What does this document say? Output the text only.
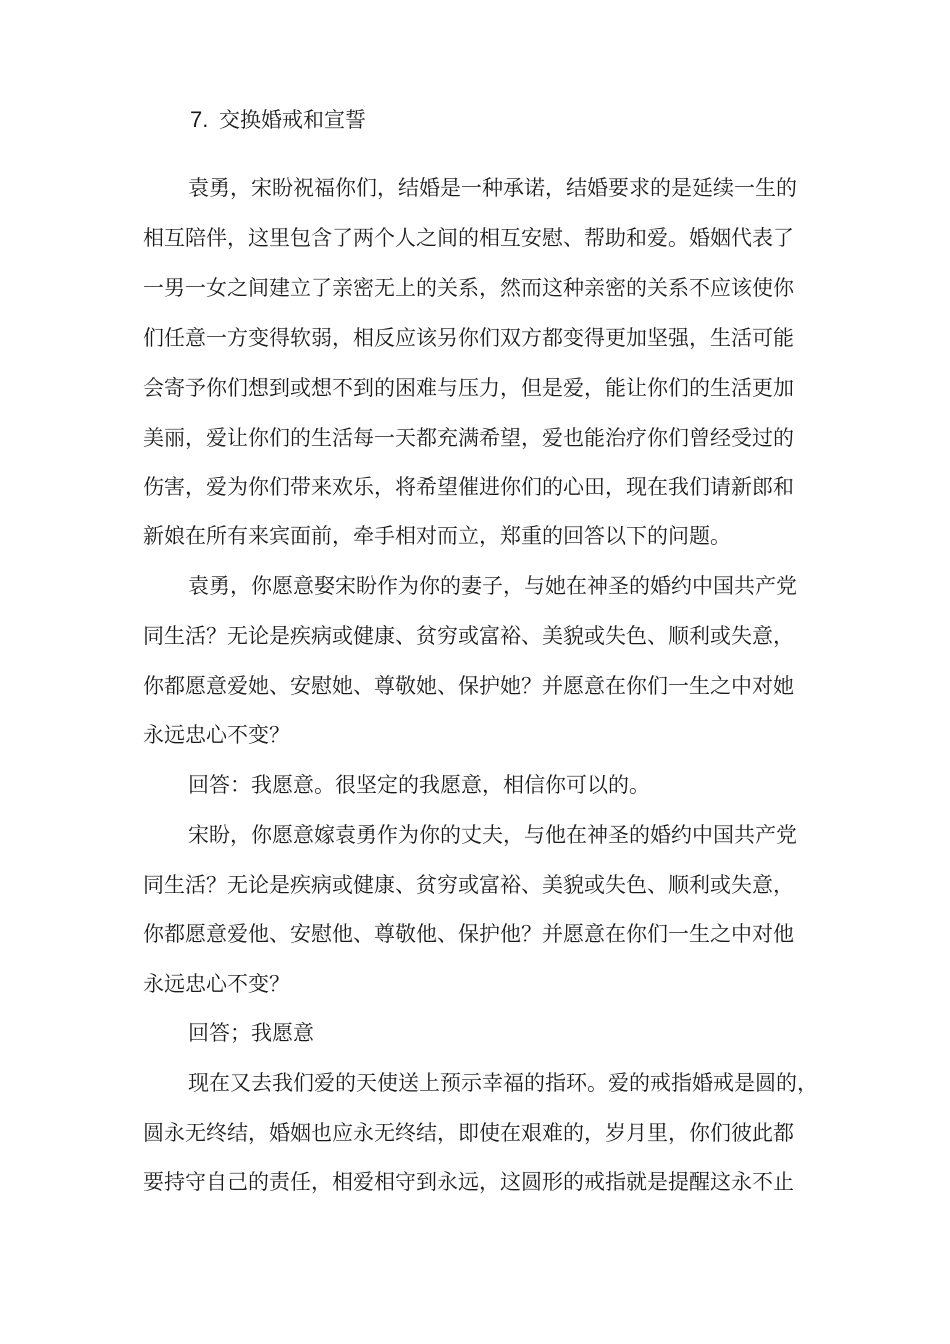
7. 交换婚戒和宣誓
袁勇，宋盼祝福你们，结婚是一种承诺，结婚要求的是延续一生的
相互陪伴，这里包含了两个人之间的相互安慰、帮助和爱。婚姻代表了
一男一女之间建立了亲密无上的关系，然而这种亲密的关系不应该使你
们任意一方变得软弱，相反应该另你们双方都变得更加坚强，生活可能
会寄予你们想到或想不到的困难与压力，但是爱，能让你们的生活更加
美丽，爱让你们的生活每一天都充满希望，爱也能治疗你们曾经受过的
伤害，爱为你们带来欢乐，将希望催进你们的心田，现在我们请新郎和
新娘在所有来宾面前，牵手相对而立，郑重的回答以下的问题。
袁勇，你愿意娶宋盼作为你的妻子，与她在神圣的婚约中国共产党
同生活？无论是疾病或健康、贫穷或富裕、美貌或失色、顺利或失意，
你都愿意爱她、安慰她、尊敬她、保护她？并愿意在你们一生之中对她
永远忠心不变？
回答：我愿意。很坚定的我愿意，相信你可以的。
宋盼，你愿意嫁袁勇作为你的丈夫，与他在神圣的婚约中国共产党
同生活？无论是疾病或健康、贫穷或富裕、美貌或失色、顺利或失意，
你都愿意爱他、安慰他、尊敬他、保护他？并愿意在你们一生之中对他
永远忠心不变？
回答；我愿意
现在又去我们爱的天使送上预示幸福的指环。爱的戒指婚戒是圆的，
圆永无终结，婚姻也应永无终结，即使在艰难的，岁月里，你们彼此都
要持守自己的责任，相爱相守到永远，这圆形的戒指就是提醒这永不止
